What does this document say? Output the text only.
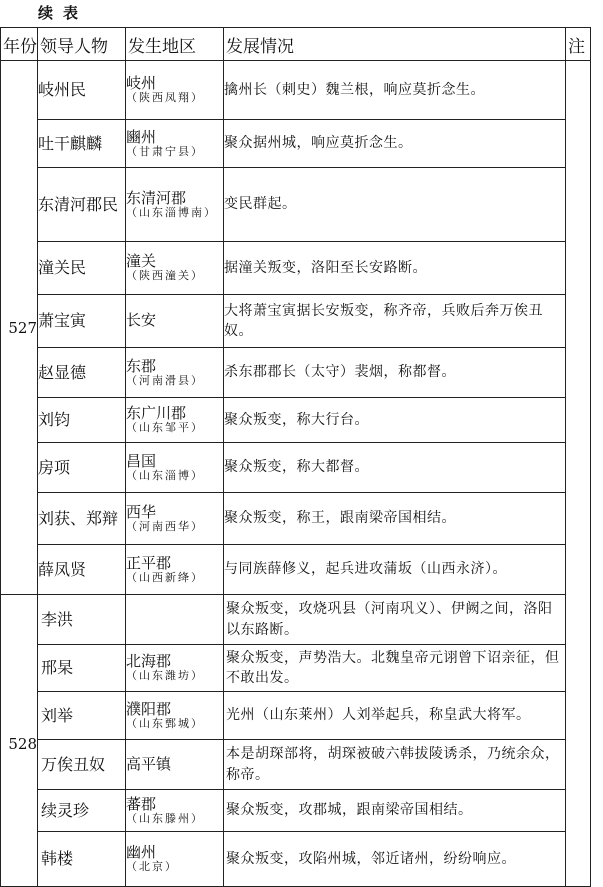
续表
年份	领导人物	发生地区	发展情况	注
527	岐州民	岐州
（陕西凤翔）	擒州长（刺史）魏兰根，响应莫折念生。	
	吐干麒麟	豳州
（甘肃宁县）	聚众据州城，响应莫折念生。	
	东清河郡民	东清河郡
（山东淄博南）	变民群起。	
	潼关民	潼关
（陕西潼关）	据潼关叛变，洛阳至长安路断。	
	萧宝寅	长安	大将萧宝寅据长安叛变，称齐帝，兵败后奔万俟丑奴。	
	赵显德	东郡
（河南滑县）	杀东郡郡长（太守）裴烟，称都督。	
	刘钧	东广川郡
（山东邹平）	聚众叛变，称大行台。	
	房项	昌国
（山东淄博）	聚众叛变，称大都督。	
	刘获、郑辩	西华
（河南西华）	聚众叛变，称王，跟南梁帝国相结。	
	薛凤贤	正平郡
（山西新绛）	与同族薛修义，起兵进攻蒲坂（山西永济）。	
528	李洪		聚众叛变，攻烧巩县（河南巩义）、伊阙之间，洛阳以东路断。	
	邢杲	北海郡
（山东潍坊）	聚众叛变，声势浩大。北魏皇帝元诩曾下诏亲征，但不敢出发。	
	刘举	濮阳郡
（山东鄄城）	光州（山东莱州）人刘举起兵，称皇武大将军。	
	万俟丑奴	高平镇	本是胡琛部将，胡琛被破六韩拔陵诱杀，乃统余众，称帝。	
	续灵珍	蕃郡
（山东滕州）	聚众叛变，攻郡城，跟南梁帝国相结。	
	韩楼	幽州
（北京）	聚众叛变，攻陷州城，邻近诸州，纷纷响应。	
